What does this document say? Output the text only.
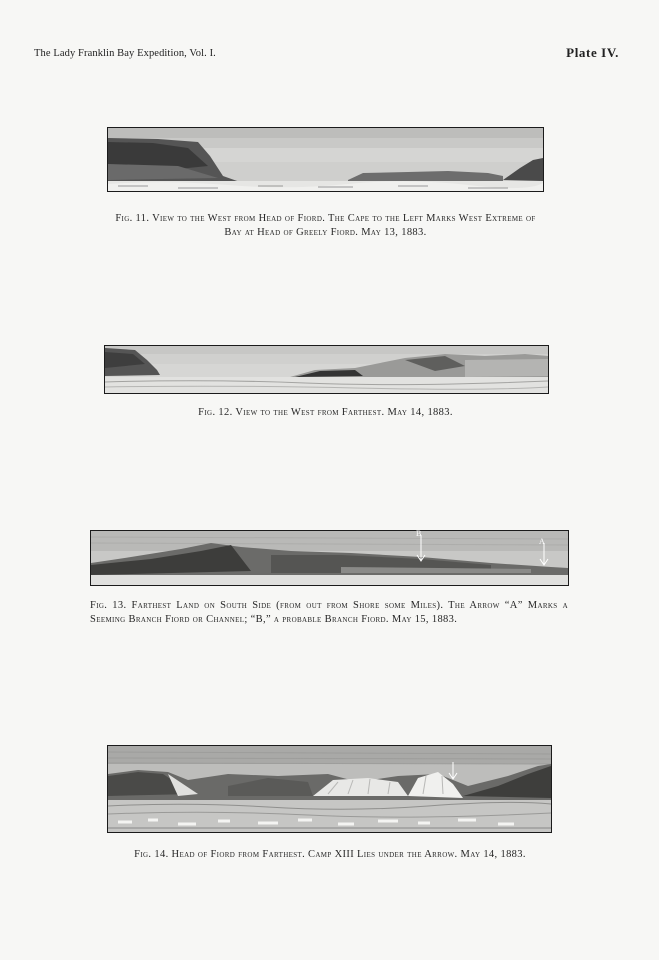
The Lady Franklin Bay Expedition, Vol. I.	Plate IV.
Fig. 11. View to the West from Head of Fiord. The Cape to the Left Marks West Extreme of Bay at Head of Greely Fiord. May 13, 1883.
Fig. 12. View to the West from Farthest. May 14, 1883.
B
A
Fig. 13. Farthest Land on South Side (from out from Shore some Miles). The Arrow “A” Marks a Seeming Branch Fiord or Channel; “B,” a probable Branch Fiord. May 15, 1883.
Fig. 14. Head of Fiord from Farthest. Camp XIII Lies under the Arrow. May 14, 1883.
